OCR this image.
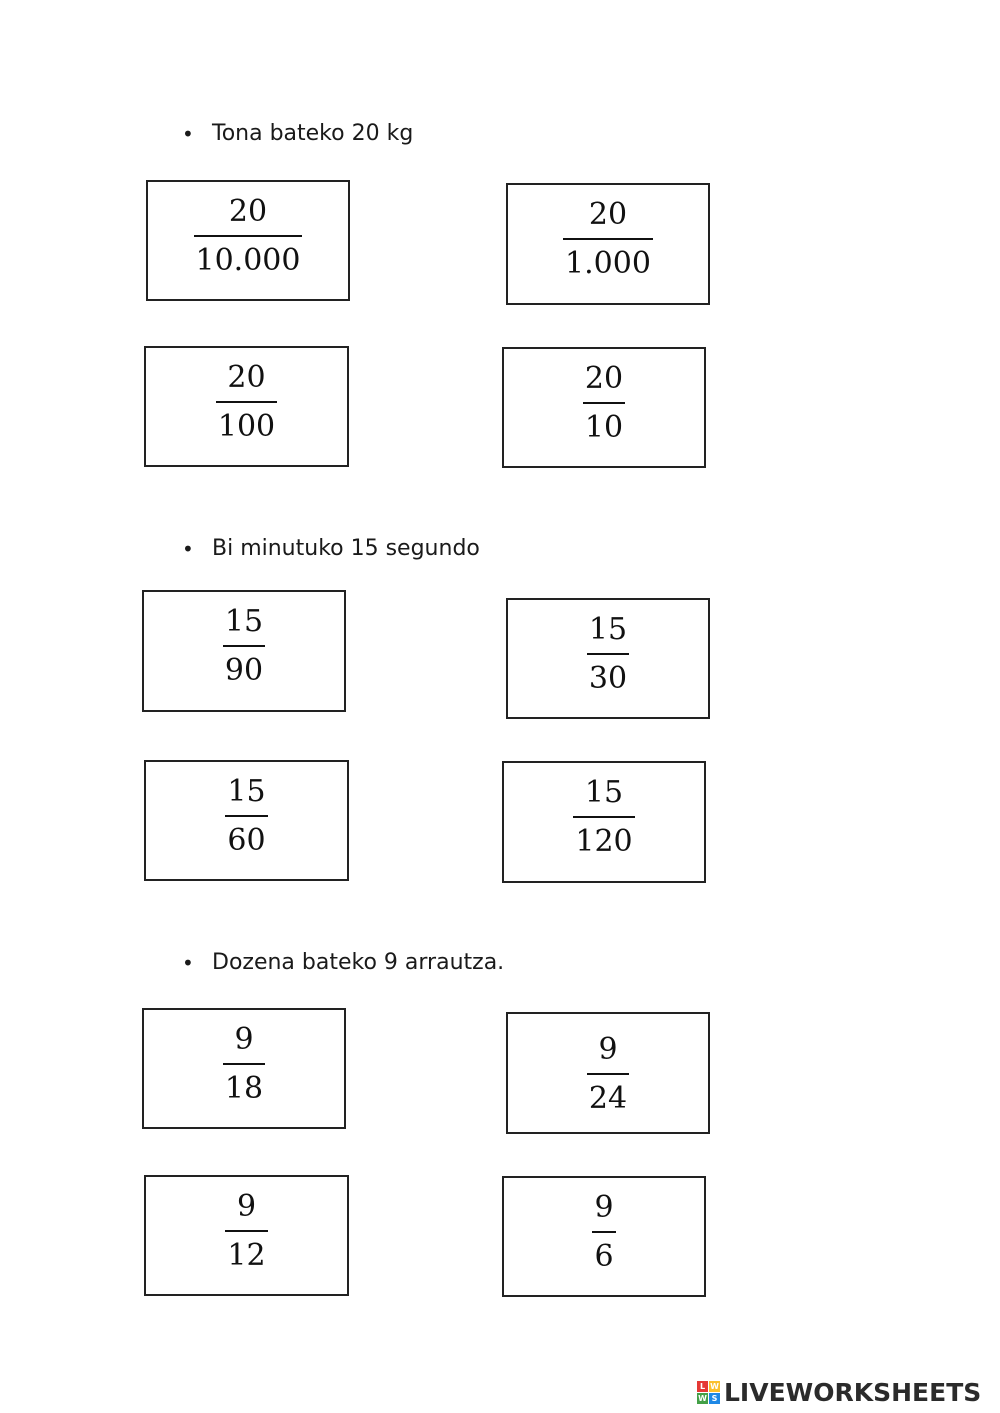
• Tona bateko 20 kg
$\frac{20}{10.000}$	$\frac{20}{1.000}$
$\frac{20}{100}$	$\frac{20}{10}$
• Bi minutuko 15 segundo
$\frac{15}{90}$	$\frac{15}{30}$
$\frac{15}{60}$	$\frac{15}{120}$
• Dozena bateko 9 arrautza.
$\frac{9}{18}$	$\frac{9}{24}$
$\frac{9}{12}$	$\frac{9}{6}$
L W
W S LIVEWORKSHEETS
